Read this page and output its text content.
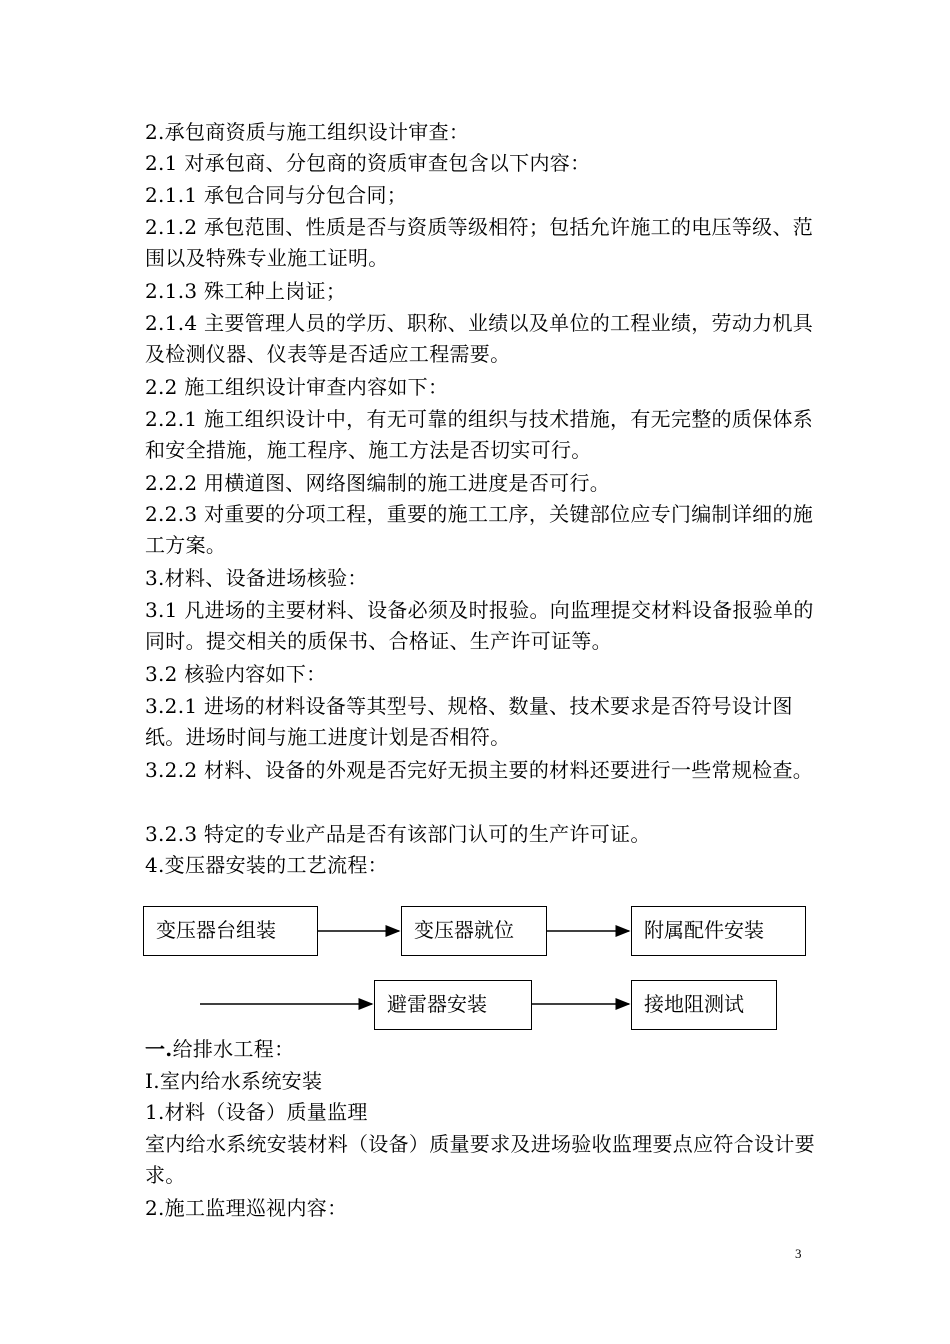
2.承包商资质与施工组织设计审查：

2.1 对承包商、分包商的资质审查包含以下内容：

2.1.1 承包合同与分包合同；

2.1.2 承包范围、性质是否与资质等级相符；包括允许施工的电压等级、范围以及特殊专业施工证明。

2.1.3 殊工种上岗证；

2.1.4 主要管理人员的学历、职称、业绩以及单位的工程业绩，劳动力机具及检测仪器、仪表等是否适应工程需要。

2.2 施工组织设计审查内容如下：

2.2.1 施工组织设计中，有无可靠的组织与技术措施，有无完整的质保体系和安全措施，施工程序、施工方法是否切实可行。

2.2.2 用横道图、网络图编制的施工进度是否可行。

2.2.3 对重要的分项工程，重要的施工工序，关键部位应专门编制详细的施工方案。

3.材料、设备进场核验：

3.1 凡进场的主要材料、设备必须及时报验。向监理提交材料设备报验单的同时。提交相关的质保书、合格证、生产许可证等。

3.2 核验内容如下：

3.2.1 进场的材料设备等其型号、规格、数量、技术要求是否符号设计图纸。进场时间与施工进度计划是否相符。

3.2.2 材料、设备的外观是否完好无损主要的材料还要进行一些常规检查。

3.2.3 特定的专业产品是否有该部门认可的生产许可证。

4.变压器安装的工艺流程：

变压器台组装	变压器就位	附属配件安装
避雷器安装	接地阻测试

一.给排水工程：

I.室内给水系统安装

1.材料（设备）质量监理

室内给水系统安装材料（设备）质量要求及进场验收监理要点应符合设计要求。

2.施工监理巡视内容：

3
